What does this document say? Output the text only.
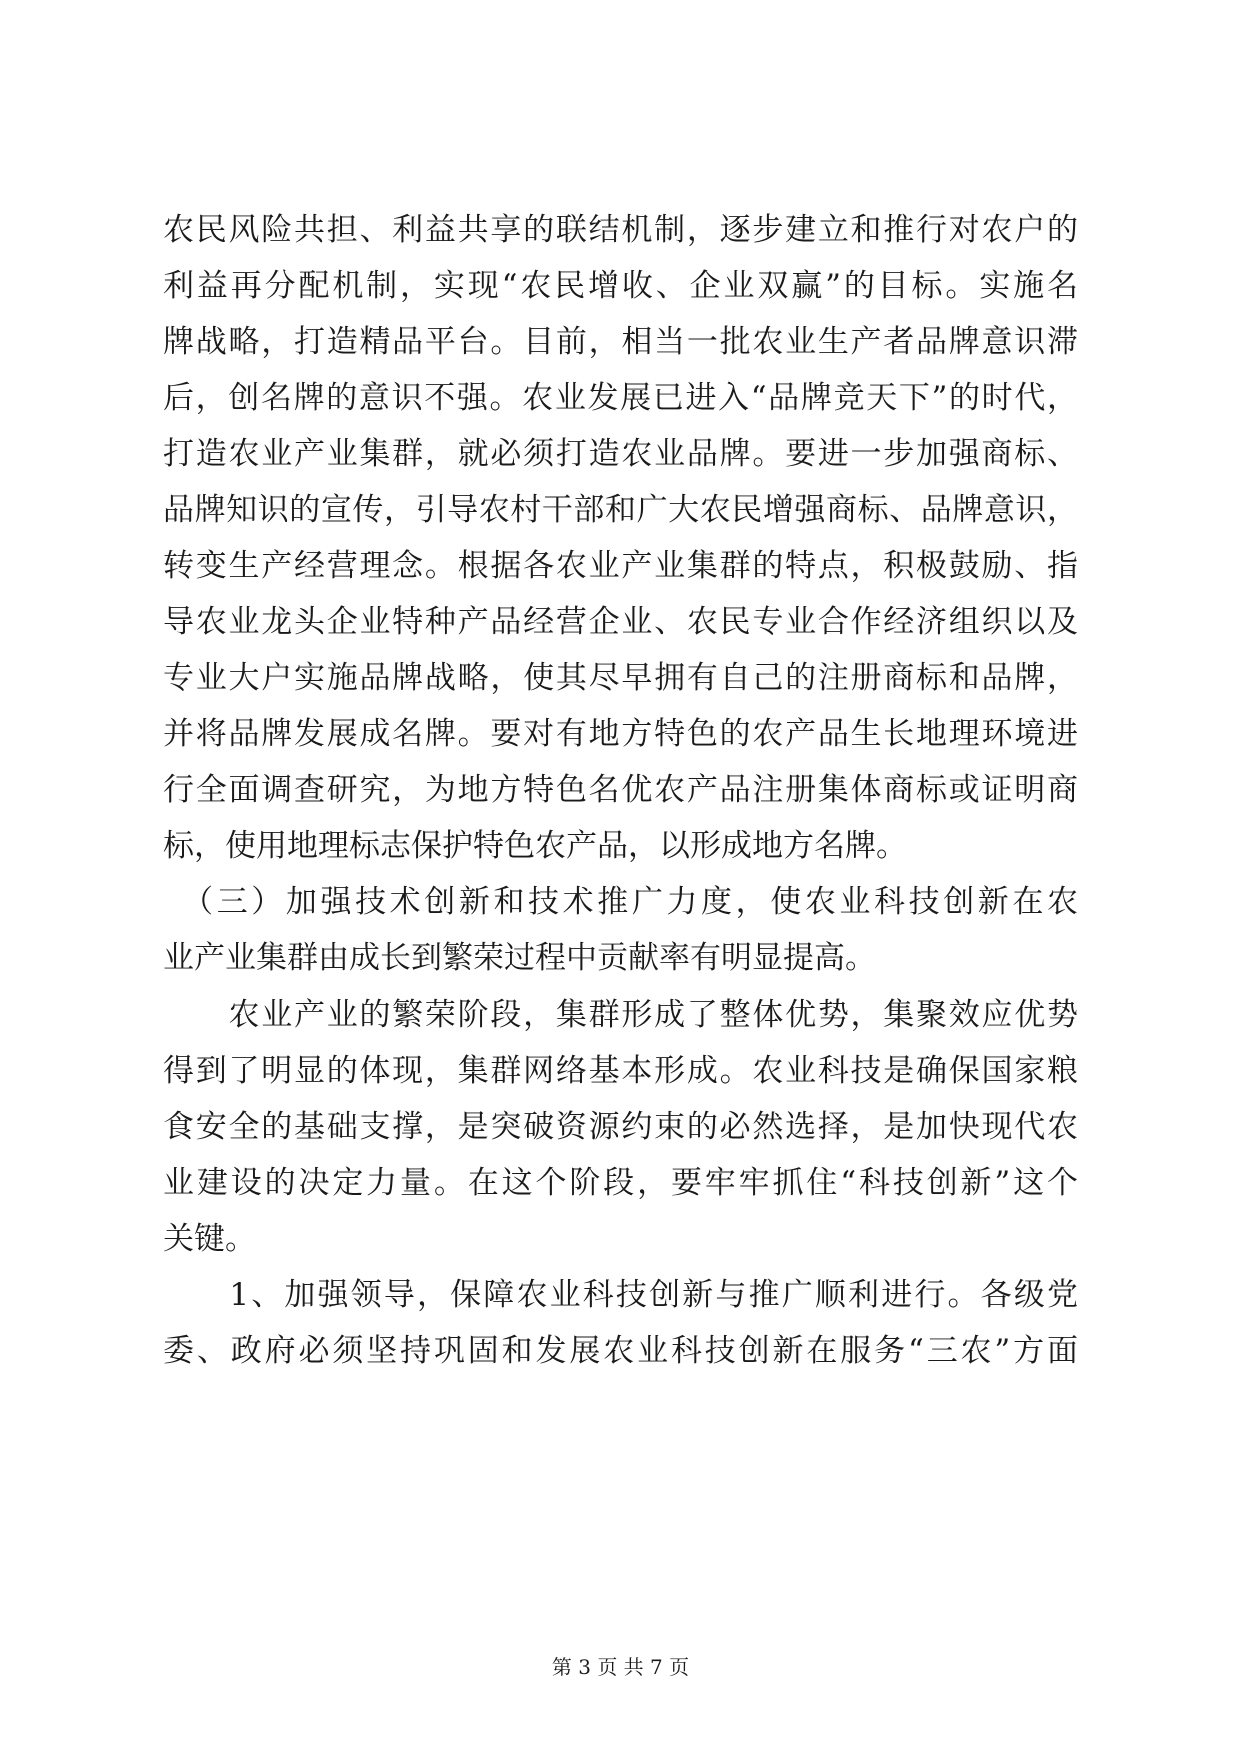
农民风险共担、利益共享的联结机制，逐步建立和推行对农户的
利益再分配机制，实现“农民增收、企业双赢”的目标。实施名
牌战略，打造精品平台。目前，相当一批农业生产者品牌意识滞
后，创名牌的意识不强。农业发展已进入“品牌竞天下”的时代，
打造农业产业集群，就必须打造农业品牌。要进一步加强商标、
品牌知识的宣传，引导农村干部和广大农民增强商标、品牌意识，
转变生产经营理念。根据各农业产业集群的特点，积极鼓励、指
导农业龙头企业特种产品经营企业、农民专业合作经济组织以及
专业大户实施品牌战略，使其尽早拥有自己的注册商标和品牌，
并将品牌发展成名牌。要对有地方特色的农产品生长地理环境进
行全面调查研究，为地方特色名优农产品注册集体商标或证明商
标，使用地理标志保护特色农产品，以形成地方名牌。
　（三）加强技术创新和技术推广力度，使农业科技创新在农
业产业集群由成长到繁荣过程中贡献率有明显提高。
　　农业产业的繁荣阶段，集群形成了整体优势，集聚效应优势
得到了明显的体现，集群网络基本形成。农业科技是确保国家粮
食安全的基础支撑，是突破资源约束的必然选择，是加快现代农
业建设的决定力量。在这个阶段，要牢牢抓住“科技创新”这个
关键。
　　1、加强领导，保障农业科技创新与推广顺利进行。各级党
委、政府必须坚持巩固和发展农业科技创新在服务“三农”方面
第 3 页 共 7 页
